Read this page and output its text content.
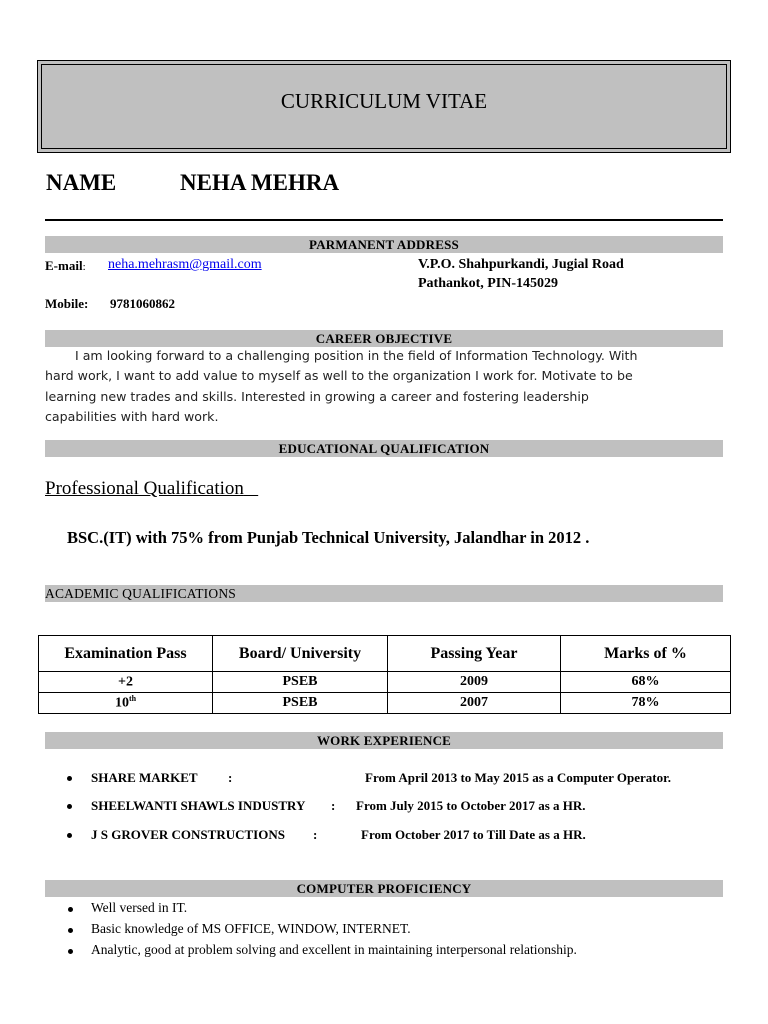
CURRICULUM VITAE
NAME	NEHA MEHRA
PARMANENT ADDRESS
E-mail: neha.mehrasm@gmail.com	V.P.O. Shahpurkandi, Jugial Road
Pathankot, PIN-145029
Mobile: 9781060862
CAREER OBJECTIVE
I am looking forward to a challenging position in the field of Information Technology. With
hard work, I want to add value to myself as well to the organization I work for. Motivate to be
learning new trades and skills. Interested in growing a career and fostering leadership
capabilities with hard work.
EDUCATIONAL QUALIFICATION
Professional Qualification
BSC.(IT) with 75% from Punjab Technical University, Jalandhar in 2012 .
ACADEMIC QUALIFICATIONS
Examination Pass	Board/ University	Passing Year	Marks of %
+2	PSEB	2009	68%
10th	PSEB	2007	78%
WORK EXPERIENCE
SHARE MARKET :	From April 2013 to May 2015 as a Computer Operator.
SHEELWANTI SHAWLS INDUSTRY : From July 2015 to October 2017 as a HR.
J S GROVER CONSTRUCTIONS :	From October 2017 to Till Date as a HR.
COMPUTER PROFICIENCY
Well versed in IT.
Basic knowledge of MS OFFICE, WINDOW, INTERNET.
Analytic, good at problem solving and excellent in maintaining interpersonal relationship.
